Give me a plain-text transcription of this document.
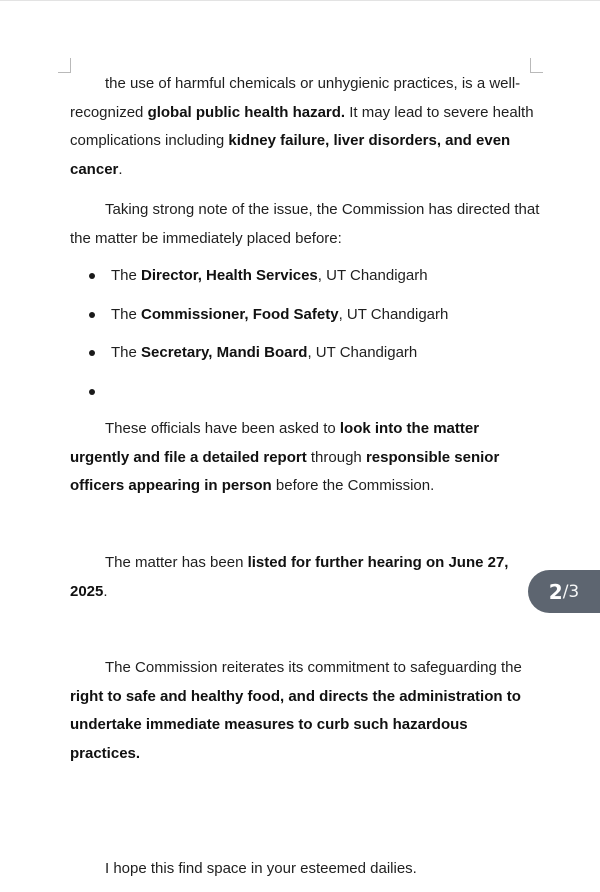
the use of harmful chemicals or unhygienic practices, is a well-recognized global public health hazard. It may lead to severe health complications including kidney failure, liver disorders, and even cancer.

Taking strong note of the issue, the Commission has directed that the matter be immediately placed before:

The Director, Health Services, UT Chandigarh
The Commissioner, Food Safety, UT Chandigarh
The Secretary, Mandi Board, UT Chandigarh

These officials have been asked to look into the matter urgently and file a detailed report through responsible senior officers appearing in person before the Commission.

The matter has been listed for further hearing on June 27, 2025.

The Commission reiterates its commitment to safeguarding the right to safe and healthy food, and directs the administration to undertake immediate measures to curb such hazardous practices.

I hope this find space in your esteemed dailies.

2 /3
